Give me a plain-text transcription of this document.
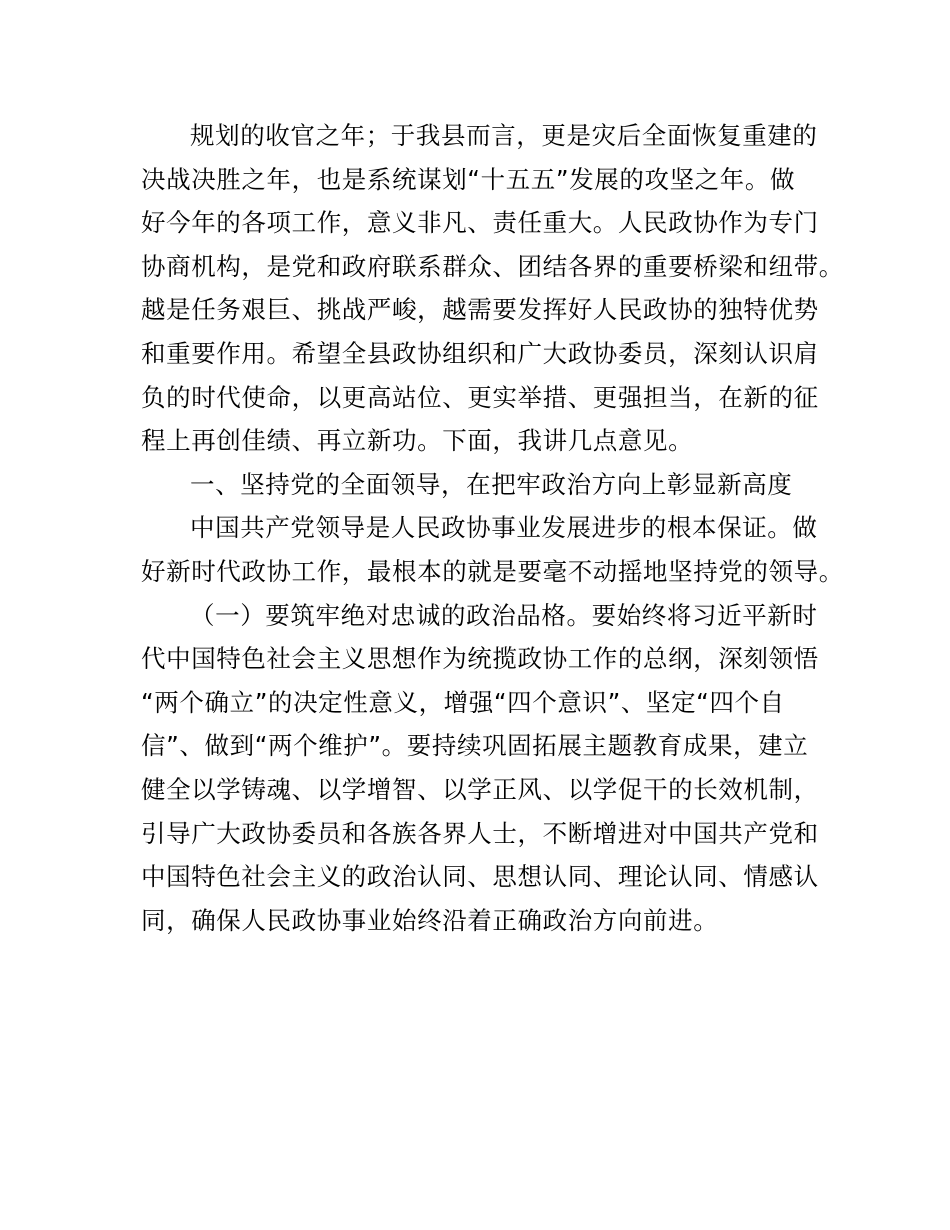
规划的收官之年；于我县而言，更是灾后全面恢复重建的
决战决胜之年，也是系统谋划“十五五”发展的攻坚之年。做
好今年的各项工作，意义非凡、责任重大。人民政协作为专门
协商机构，是党和政府联系群众、团结各界的重要桥梁和纽带。
越是任务艰巨、挑战严峻，越需要发挥好人民政协的独特优势
和重要作用。希望全县政协组织和广大政协委员，深刻认识肩
负的时代使命，以更高站位、更实举措、更强担当，在新的征
程上再创佳绩、再立新功。下面，我讲几点意见。
一、坚持党的全面领导，在把牢政治方向上彰显新高度
中国共产党领导是人民政协事业发展进步的根本保证。做
好新时代政协工作，最根本的就是要毫不动摇地坚持党的领导。
（一）要筑牢绝对忠诚的政治品格。要始终将习近平新时
代中国特色社会主义思想作为统揽政协工作的总纲，深刻领悟
“两个确立”的决定性意义，增强“四个意识”、坚定“四个自
信”、做到“两个维护”。要持续巩固拓展主题教育成果，建立
健全以学铸魂、以学增智、以学正风、以学促干的长效机制，
引导广大政协委员和各族各界人士，不断增进对中国共产党和
中国特色社会主义的政治认同、思想认同、理论认同、情感认
同，确保人民政协事业始终沿着正确政治方向前进。
